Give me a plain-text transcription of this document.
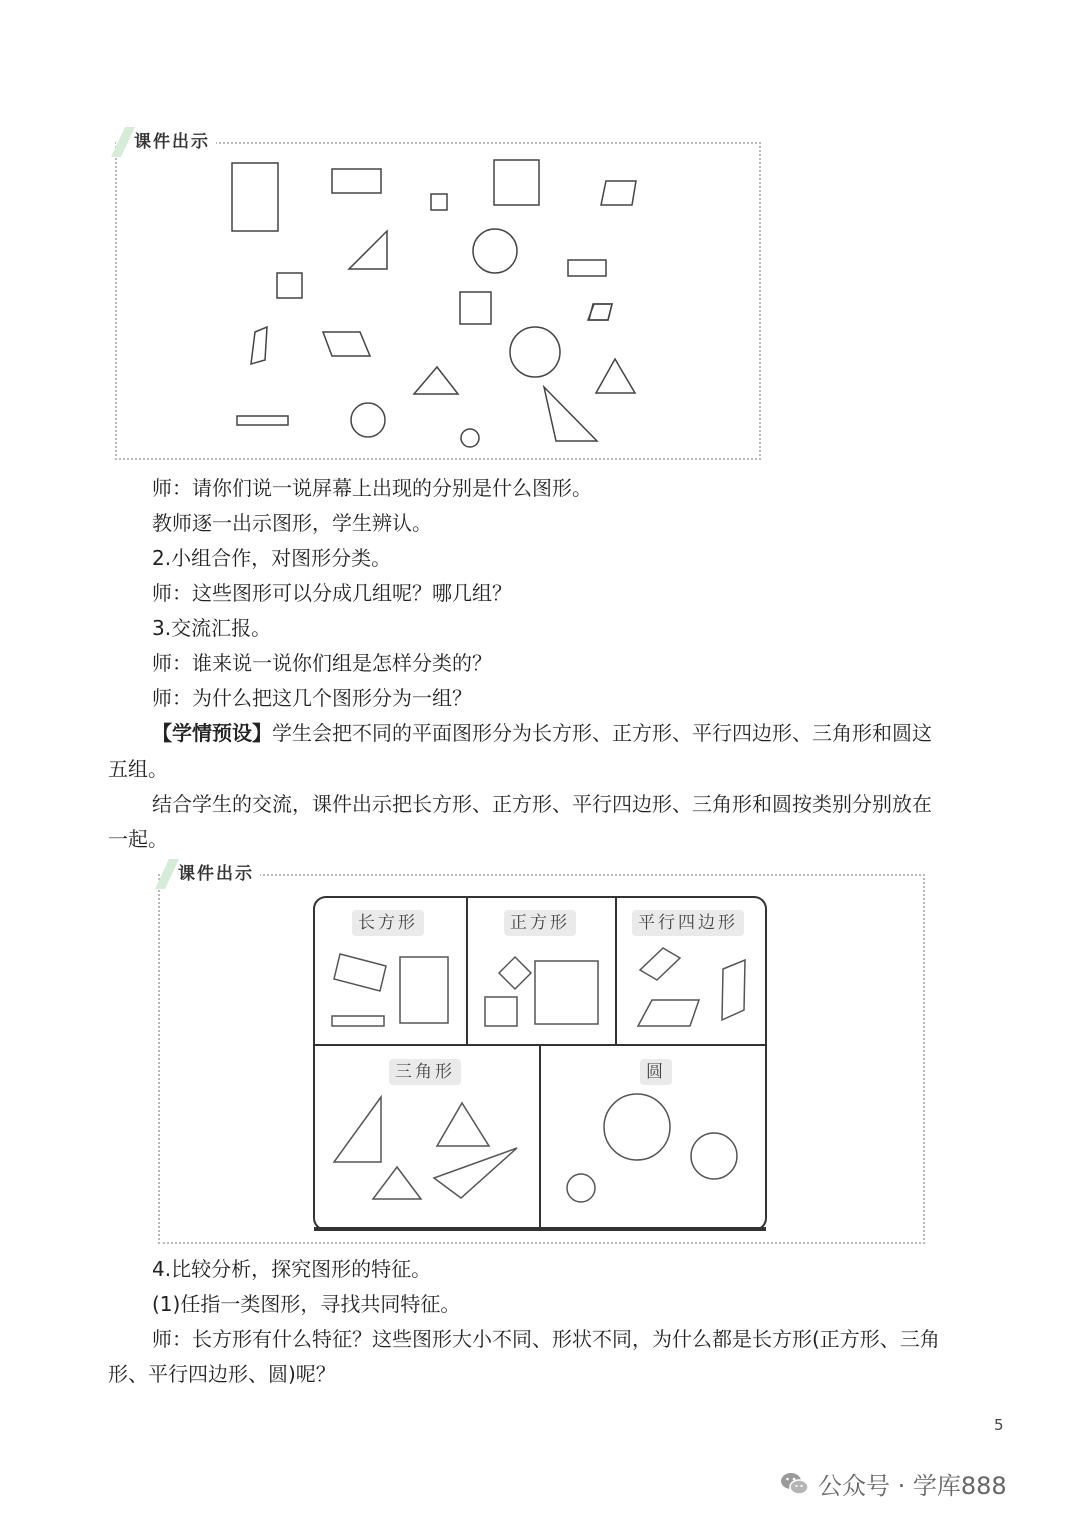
课件出示
师：请你们说一说屏幕上出现的分别是什么图形。
教师逐一出示图形，学生辨认。
2.小组合作，对图形分类。
师：这些图形可以分成几组呢？哪几组？
3.交流汇报。
师：谁来说一说你们组是怎样分类的？
师：为什么把这几个图形分为一组？
【学情预设】学生会把不同的平面图形分为长方形、正方形、平行四边形、三角形和圆这
五组。
结合学生的交流，课件出示把长方形、正方形、平行四边形、三角形和圆按类别分别放在
一起。
课件出示
长方形	正方形	平行四边形
三角形	圆
4.比较分析，探究图形的特征。
(1)任指一类图形，寻找共同特征。
师：长方形有什么特征？这些图形大小不同、形状不同，为什么都是长方形(正方形、三角
形、平行四边形、圆)呢？
5
公众号 · 学库888
